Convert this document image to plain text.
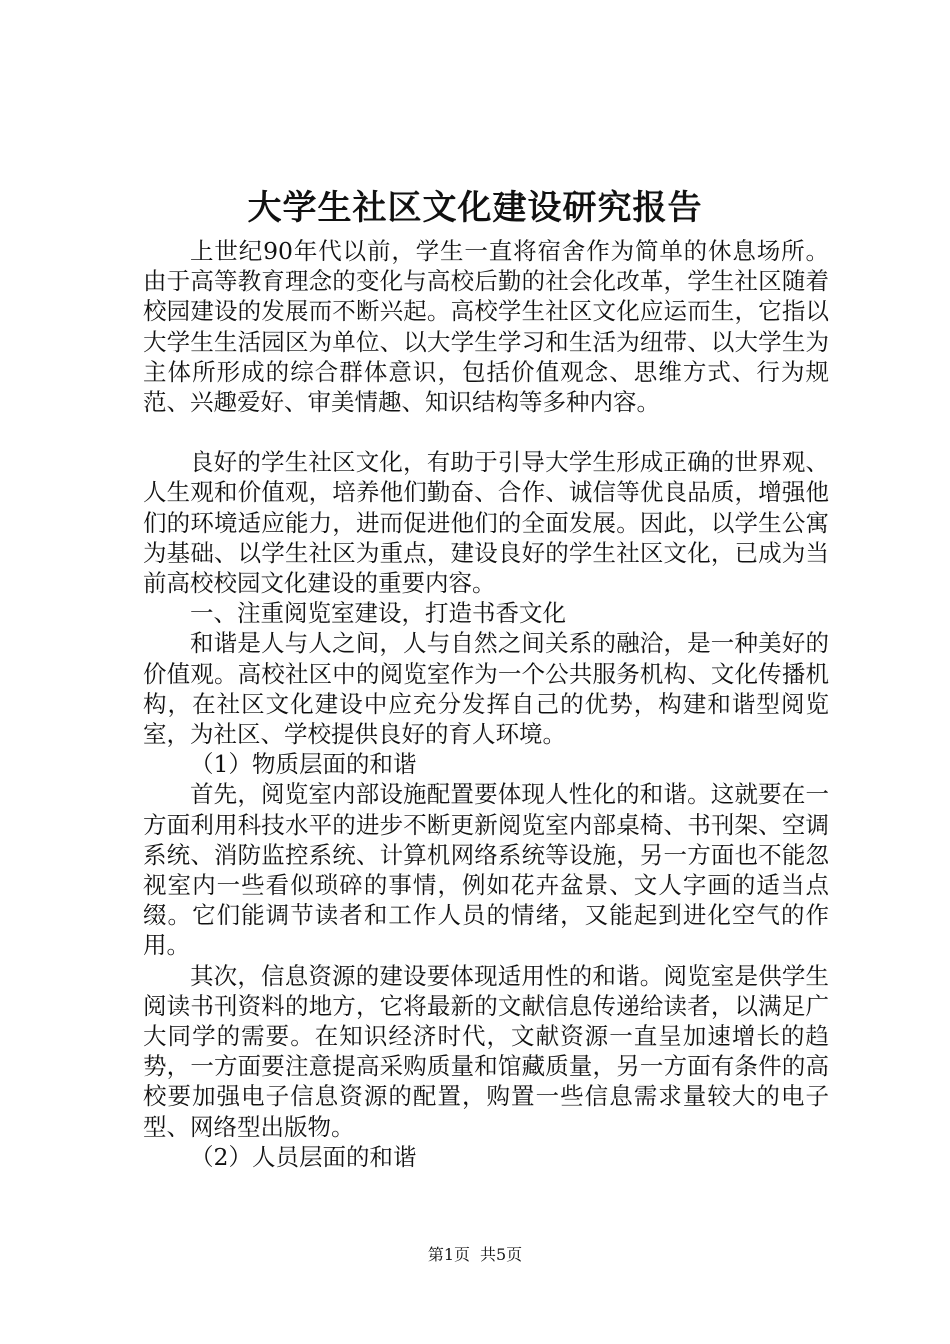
大学生社区文化建设研究报告

上世纪90年代以前，学生一直将宿舍作为简单的休息场所。由于高等教育理念的变化与高校后勤的社会化改革，学生社区随着校园建设的发展而不断兴起。高校学生社区文化应运而生，它指以大学生生活园区为单位、以大学生学习和生活为纽带、以大学生为主体所形成的综合群体意识，包括价值观念、思维方式、行为规范、兴趣爱好、审美情趣、知识结构等多种内容。

良好的学生社区文化，有助于引导大学生形成正确的世界观、人生观和价值观，培养他们勤奋、合作、诚信等优良品质，增强他们的环境适应能力，进而促进他们的全面发展。因此，以学生公寓为基础、以学生社区为重点，建设良好的学生社区文化，已成为当前高校校园文化建设的重要内容。

一、注重阅览室建设，打造书香文化

和谐是人与人之间，人与自然之间关系的融洽，是一种美好的价值观。高校社区中的阅览室作为一个公共服务机构、文化传播机构，在社区文化建设中应充分发挥自己的优势，构建和谐型阅览室，为社区、学校提供良好的育人环境。

（1）物质层面的和谐

首先，阅览室内部设施配置要体现人性化的和谐。这就要在一方面利用科技水平的进步不断更新阅览室内部桌椅、书刊架、空调系统、消防监控系统、计算机网络系统等设施，另一方面也不能忽视室内一些看似琐碎的事情，例如花卉盆景、文人字画的适当点缀。它们能调节读者和工作人员的情绪，又能起到进化空气的作用。

其次，信息资源的建设要体现适用性的和谐。阅览室是供学生阅读书刊资料的地方，它将最新的文献信息传递给读者，以满足广大同学的需要。在知识经济时代，文献资源一直呈加速增长的趋势，一方面要注意提高采购质量和馆藏质量，另一方面有条件的高校要加强电子信息资源的配置，购置一些信息需求量较大的电子型、网络型出版物。

（2）人员层面的和谐

第1页 共5页
